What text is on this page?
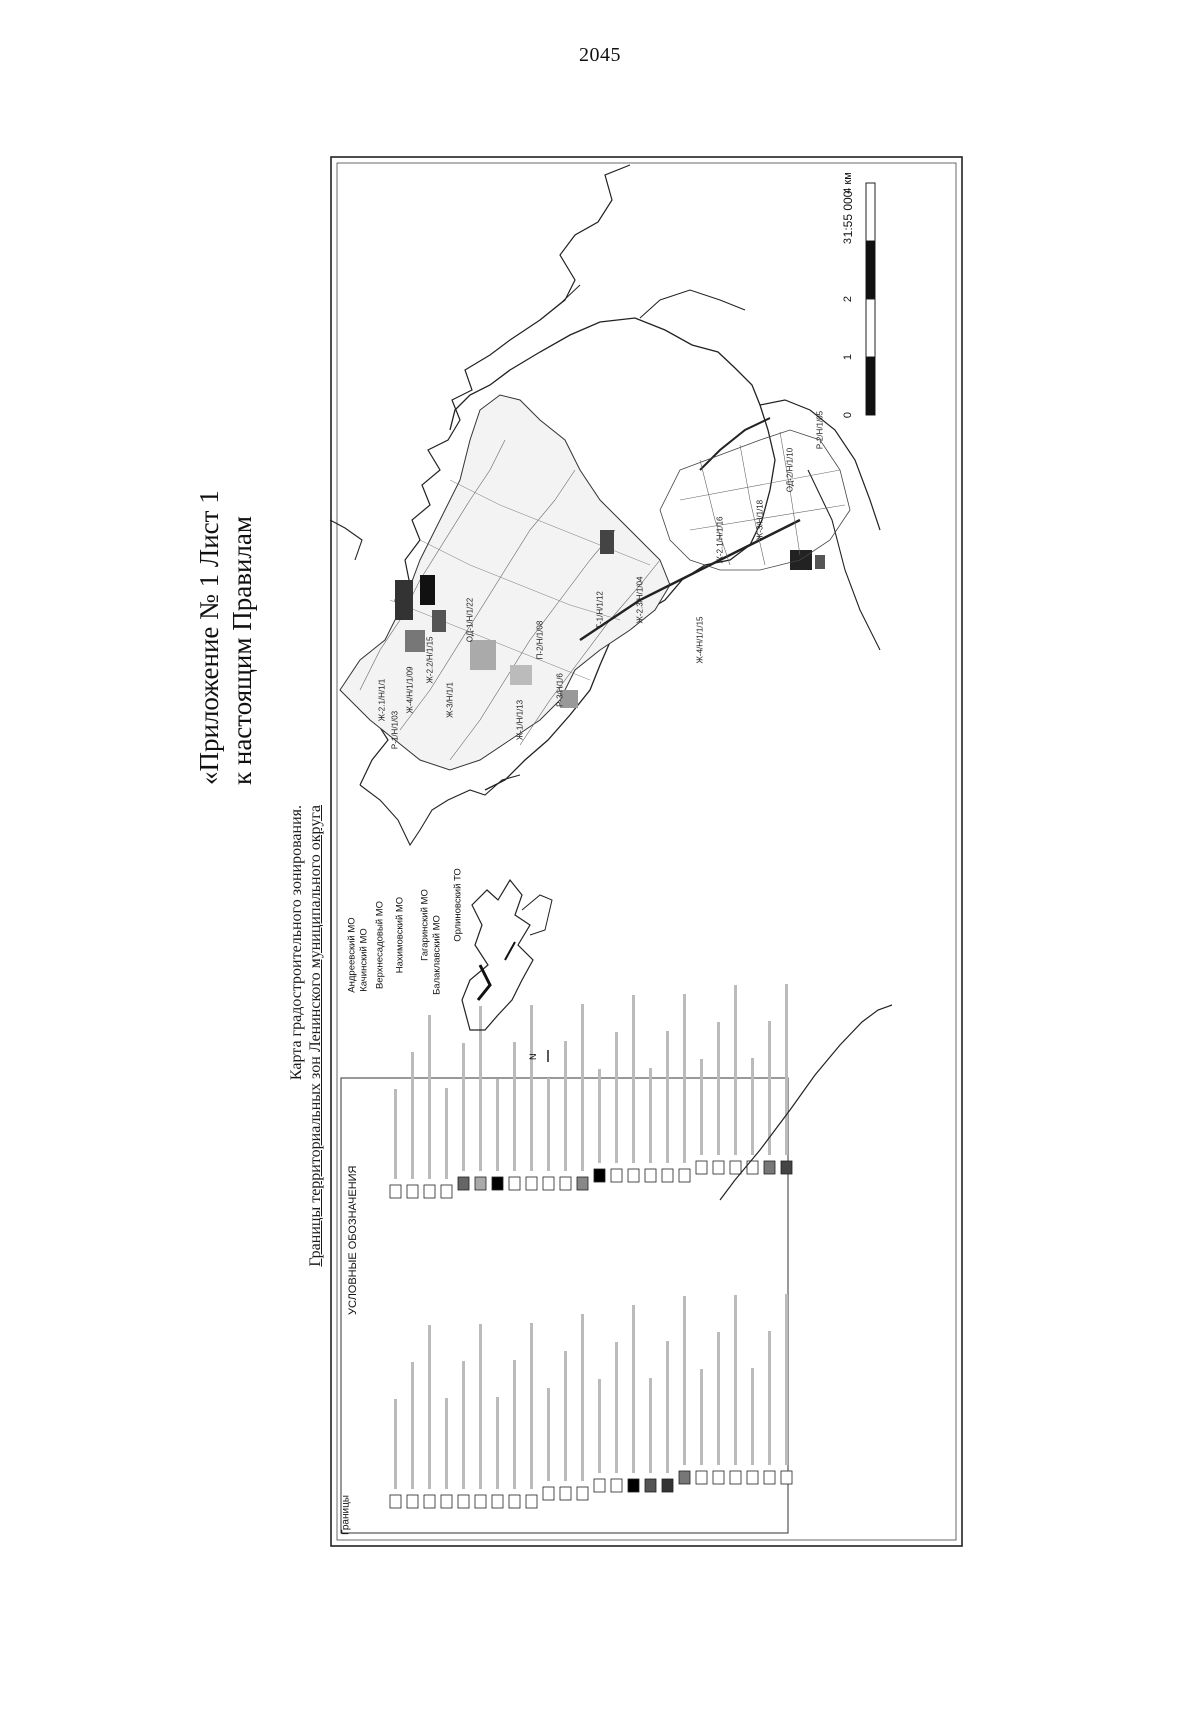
2045
«Приложение № 1 Лист 1 к настоящим Правилам
Карта градостроительного зонирования. Границы территориальных зон Ленинского муниципального округа	N
1:55 000
0
1
2
3
4 км
УСЛОВНЫЕ ОБОЗНАЧЕНИЯ
Границы
Андреевский МО Качинский МО Верхнесадовый МО Нахимовский МО Гагаринский МО Балаклавский МО
Орлиновский ТО
Р-1/Н/1/03
Ж-2.1/Н/1/1 Ж-4/Н/1/1/09
Ж-2.2/Н/1/15
Ж-3/Н/1/1
ОД-1/Н/1/22
Ж-1/Н/1/13
П-2/Н/1/08
Р-3/Н/1/6
Т-1/Н/1/12	Ж-2.3/Н/1/04
Ж-4/Н/1/1/15
Ж-2.1/Н/1/16	Ж-3/Н/1/18
ОД-2/Н/1/10
Р-2/Н/1/05
